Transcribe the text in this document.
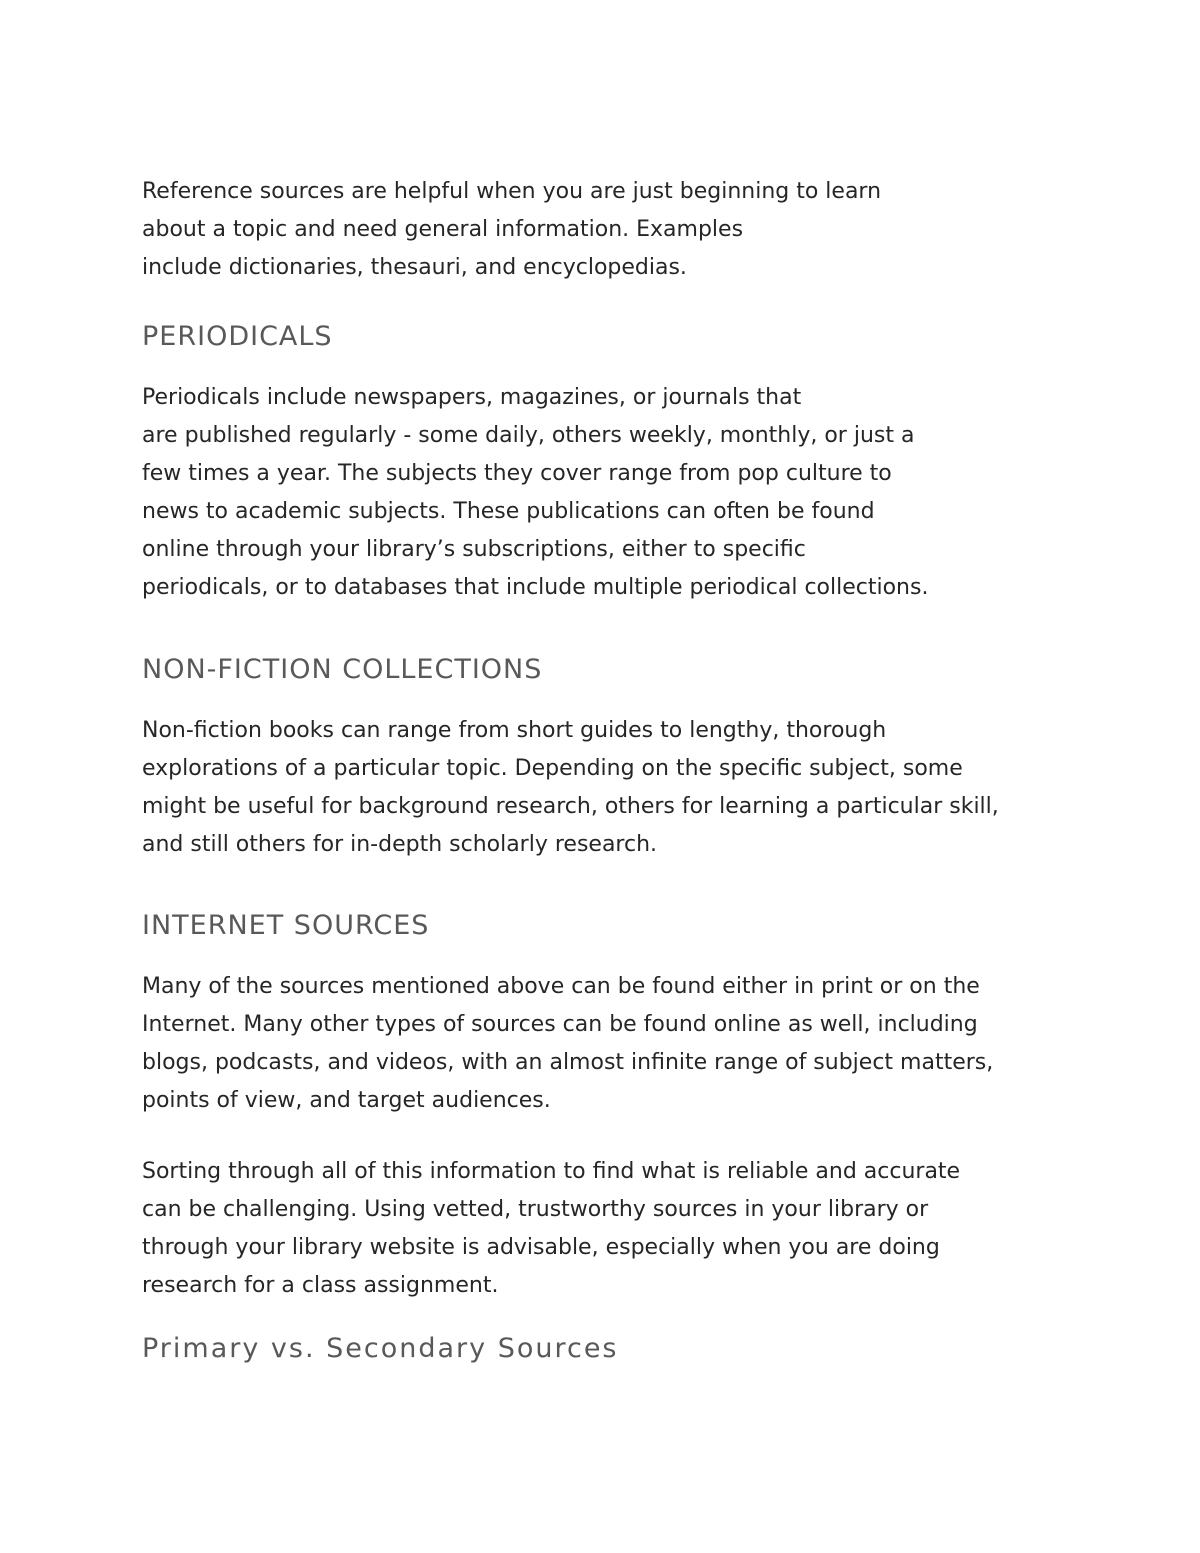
Reference sources are helpful when you are just beginning to learn
about a topic and need general information. Examples
include dictionaries, thesauri, and encyclopedias.

PERIODICALS

Periodicals include newspapers, magazines, or journals that
are published regularly - some daily, others weekly, monthly, or just a
few times a year. The subjects they cover range from pop culture to
news to academic subjects. These publications can often be found
online through your library’s subscriptions, either to specific
periodicals, or to databases that include multiple periodical collections.

NON-FICTION COLLECTIONS

Non-fiction books can range from short guides to lengthy, thorough
explorations of a particular topic. Depending on the specific subject, some
might be useful for background research, others for learning a particular skill,
and still others for in-depth scholarly research.

INTERNET SOURCES

Many of the sources mentioned above can be found either in print or on the
Internet. Many other types of sources can be found online as well, including
blogs, podcasts, and videos, with an almost infinite range of subject matters,
points of view, and target audiences.

Sorting through all of this information to find what is reliable and accurate
can be challenging. Using vetted, trustworthy sources in your library or
through your library website is advisable, especially when you are doing
research for a class assignment.

Primary vs. Secondary Sources
